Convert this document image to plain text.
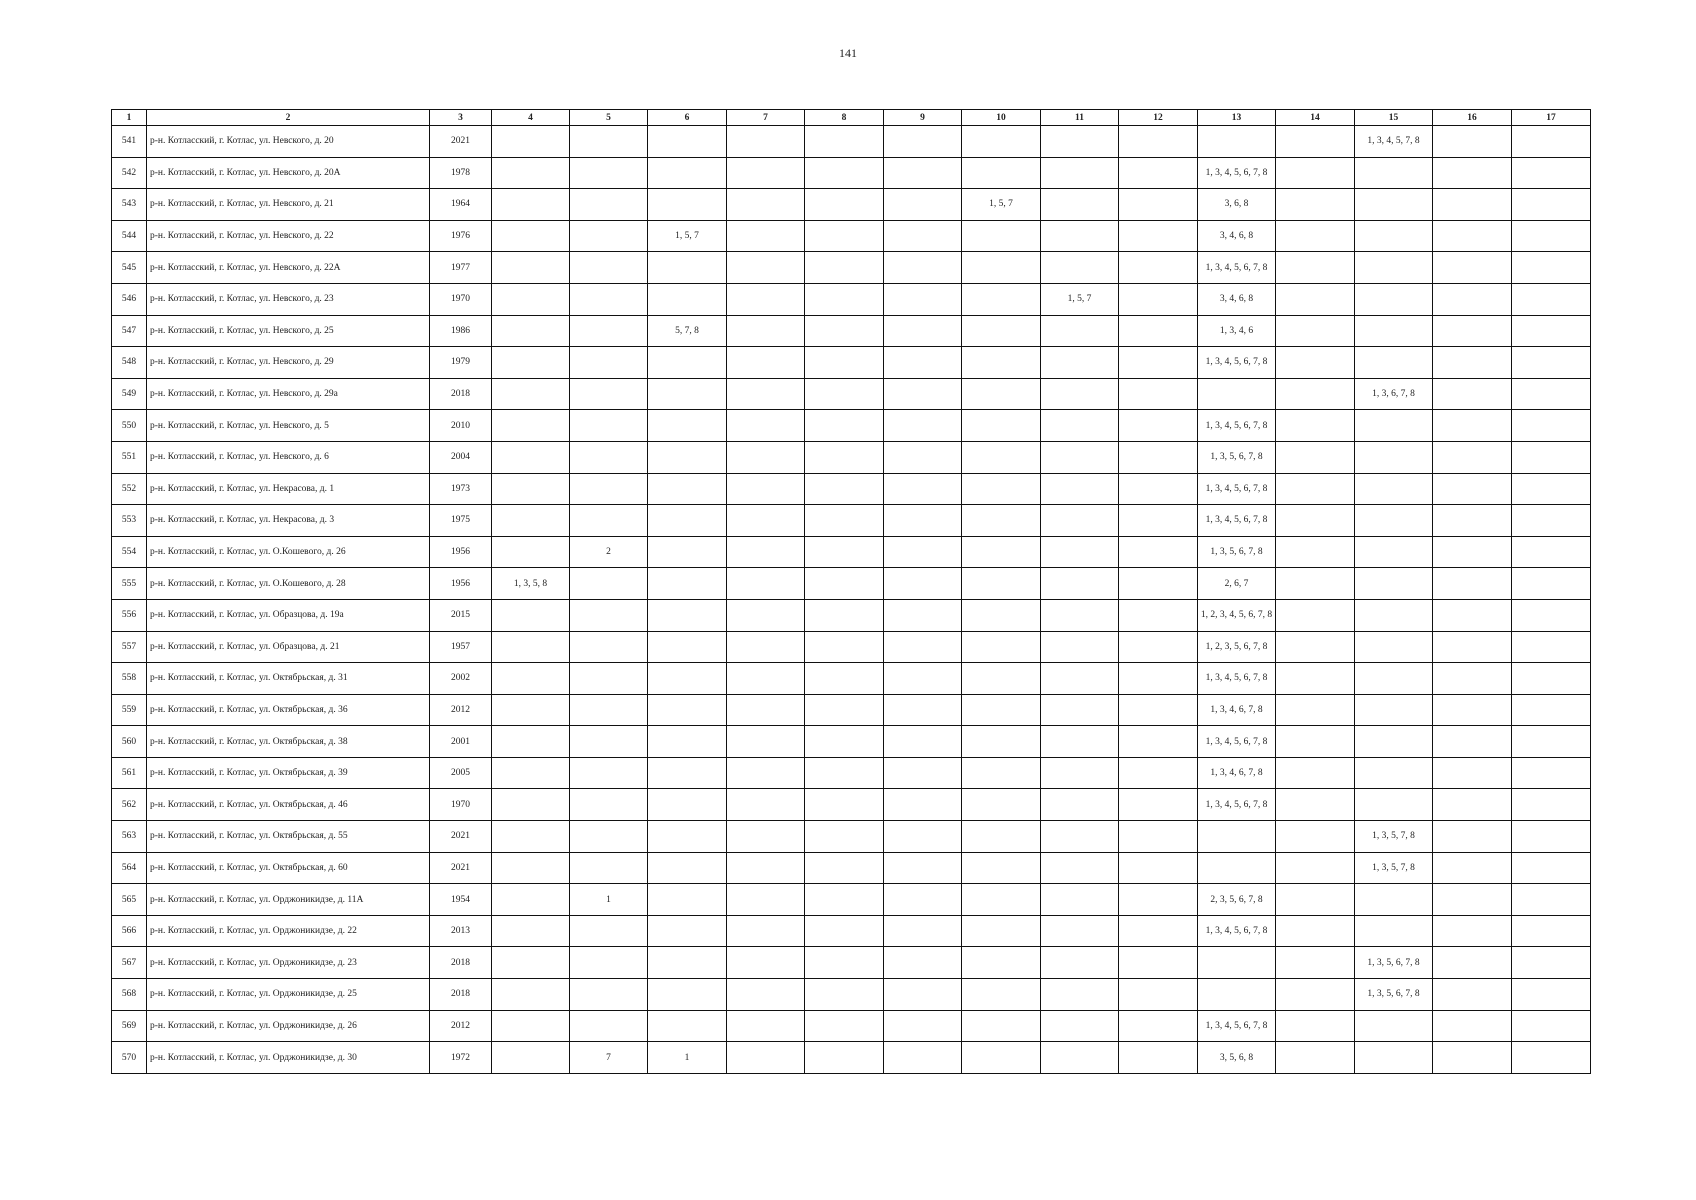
141
1	2	3	4	5	6	7	8	9	10	11	12	13	14	15	16	17
541	р-н. Котласский, г. Котлас, ул. Невского, д. 20	2021												1, 3, 4, 5, 7, 8		
542	р-н. Котласский, г. Котлас, ул. Невского, д. 20А	1978										1, 3, 4, 5, 6, 7, 8				
543	р-н. Котласский, г. Котлас, ул. Невского, д. 21	1964							1, 5, 7			3, 6, 8				
544	р-н. Котласский, г. Котлас, ул. Невского, д. 22	1976			1, 5, 7							3, 4, 6, 8				
545	р-н. Котласский, г. Котлас, ул. Невского, д. 22А	1977										1, 3, 4, 5, 6, 7, 8				
546	р-н. Котласский, г. Котлас, ул. Невского, д. 23	1970								1, 5, 7		3, 4, 6, 8				
547	р-н. Котласский, г. Котлас, ул. Невского, д. 25	1986			5, 7, 8							1, 3, 4, 6				
548	р-н. Котласский, г. Котлас, ул. Невского, д. 29	1979										1, 3, 4, 5, 6, 7, 8				
549	р-н. Котласский, г. Котлас, ул. Невского, д. 29а	2018												1, 3, 6, 7, 8		
550	р-н. Котласский, г. Котлас, ул. Невского, д. 5	2010										1, 3, 4, 5, 6, 7, 8				
551	р-н. Котласский, г. Котлас, ул. Невского, д. 6	2004										1, 3, 5, 6, 7, 8				
552	р-н. Котласский, г. Котлас, ул. Некрасова, д. 1	1973										1, 3, 4, 5, 6, 7, 8				
553	р-н. Котласский, г. Котлас, ул. Некрасова, д. 3	1975										1, 3, 4, 5, 6, 7, 8				
554	р-н. Котласский, г. Котлас, ул. О.Кошевого, д. 26	1956		2								1, 3, 5, 6, 7, 8				
555	р-н. Котласский, г. Котлас, ул. О.Кошевого, д. 28	1956	1, 3, 5, 8									2, 6, 7				
556	р-н. Котласский, г. Котлас, ул. Образцова, д. 19а	2015										1, 2, 3, 4, 5, 6, 7, 8				
557	р-н. Котласский, г. Котлас, ул. Образцова, д. 21	1957										1, 2, 3, 5, 6, 7, 8				
558	р-н. Котласский, г. Котлас, ул. Октябрьская, д. 31	2002										1, 3, 4, 5, 6, 7, 8				
559	р-н. Котласский, г. Котлас, ул. Октябрьская, д. 36	2012										1, 3, 4, 6, 7, 8				
560	р-н. Котласский, г. Котлас, ул. Октябрьская, д. 38	2001										1, 3, 4, 5, 6, 7, 8				
561	р-н. Котласский, г. Котлас, ул. Октябрьская, д. 39	2005										1, 3, 4, 6, 7, 8				
562	р-н. Котласский, г. Котлас, ул. Октябрьская, д. 46	1970										1, 3, 4, 5, 6, 7, 8				
563	р-н. Котласский, г. Котлас, ул. Октябрьская, д. 55	2021												1, 3, 5, 7, 8		
564	р-н. Котласский, г. Котлас, ул. Октябрьская, д. 60	2021												1, 3, 5, 7, 8		
565	р-н. Котласский, г. Котлас, ул. Орджоникидзе, д. 11А	1954		1								2, 3, 5, 6, 7, 8				
566	р-н. Котласский, г. Котлас, ул. Орджоникидзе, д. 22	2013										1, 3, 4, 5, 6, 7, 8				
567	р-н. Котласский, г. Котлас, ул. Орджоникидзе, д. 23	2018												1, 3, 5, 6, 7, 8		
568	р-н. Котласский, г. Котлас, ул. Орджоникидзе, д. 25	2018												1, 3, 5, 6, 7, 8		
569	р-н. Котласский, г. Котлас, ул. Орджоникидзе, д. 26	2012										1, 3, 4, 5, 6, 7, 8				
570	р-н. Котласский, г. Котлас, ул. Орджоникидзе, д. 30	1972		7	1							3, 5, 6, 8				
